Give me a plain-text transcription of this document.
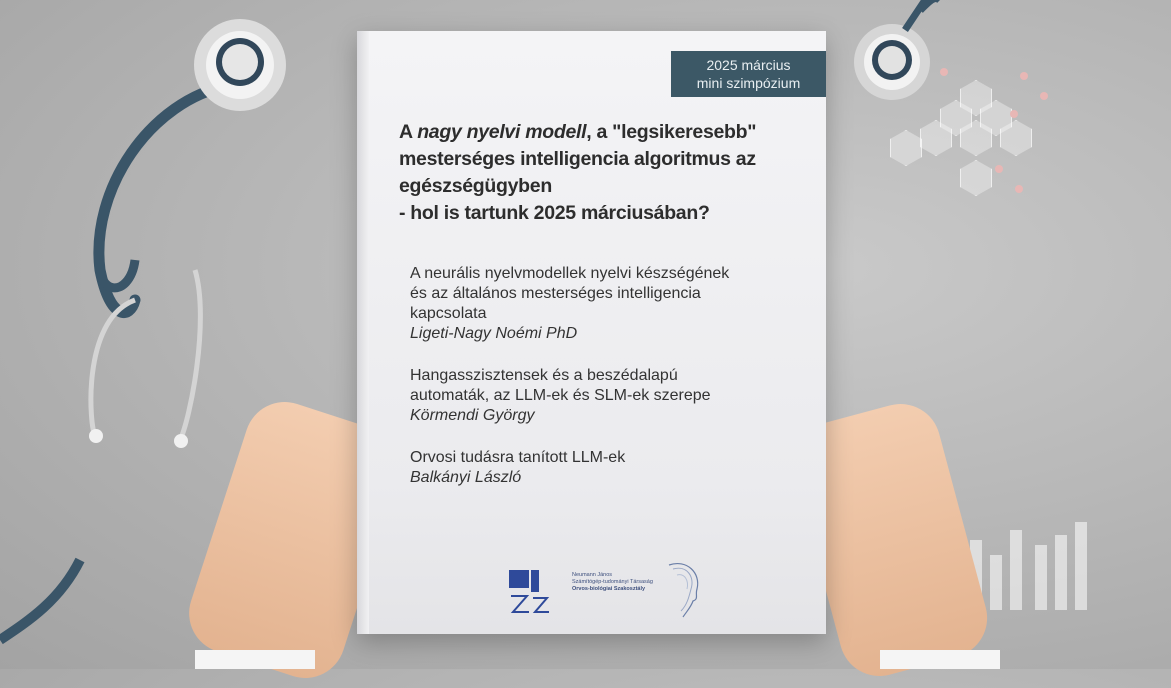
2025 március
mini szimpózium
A nagy nyelvi modell, a "legsikeresebb"
mesterséges intelligencia algoritmus az
egészségügyben
- hol is tartunk 2025 márciusában?
A neurális nyelvmodellek nyelvi készségének
és az általános mesterséges intelligencia
kapcsolata
Ligeti-Nagy Noémi PhD
Hangasszisztensek és a beszédalapú
automaták, az LLM-ek és SLM-ek szerepe
Körmendi György
Orvosi tudásra tanított LLM-ek
Balkányi László
Neumann János
Számítógép-tudományi Társaság
Orvos-biológiai Szakosztály
